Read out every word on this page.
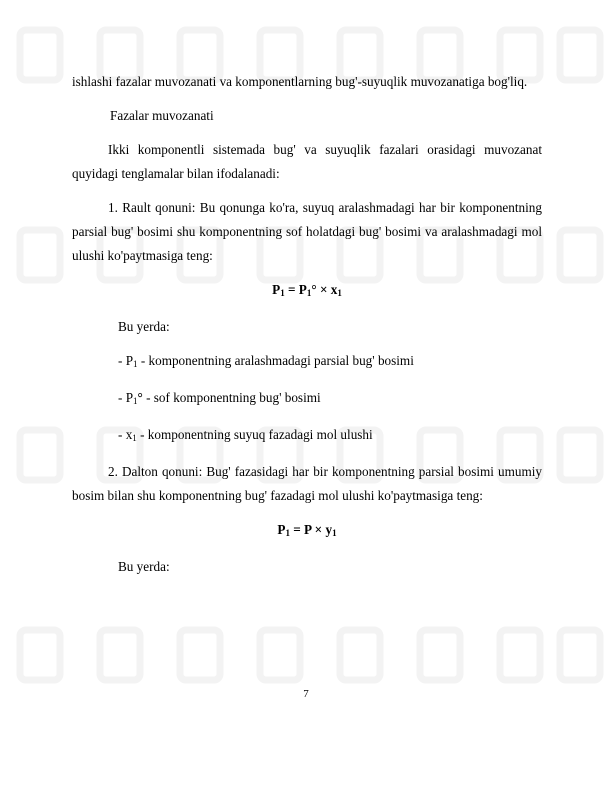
ishlashi fazalar muvozanati va komponentlarning bug'-suyuqlik muvozanatiga bog'liq.

Fazalar muvozanati

Ikki komponentli sistemada bug' va suyuqlik fazalari orasidagi muvozanat quyidagi tenglamalar bilan ifodalanadi:

1. Rault qonuni: Bu qonunga ko'ra, suyuq aralashmadagi har bir komponentning parsial bug' bosimi shu komponentning sof holatdagi bug' bosimi va aralashmadagi mol ulushi ko'paytmasiga teng:

$P_1 = P_1^\circ \times x_1$

Bu yerda:

- $P_1$ - komponentning aralashmadagi parsial bug' bosimi

- $P_1^\circ$ - sof komponentning bug' bosimi

- $x_1$ - komponentning suyuq fazadagi mol ulushi

2. Dalton qonuni: Bug' fazasidagi har bir komponentning parsial bosimi umumiy bosim bilan shu komponentning bug' fazadagi mol ulushi ko'paytmasiga teng:

$P_1 = P \times y_1$

Bu yerda:

7
